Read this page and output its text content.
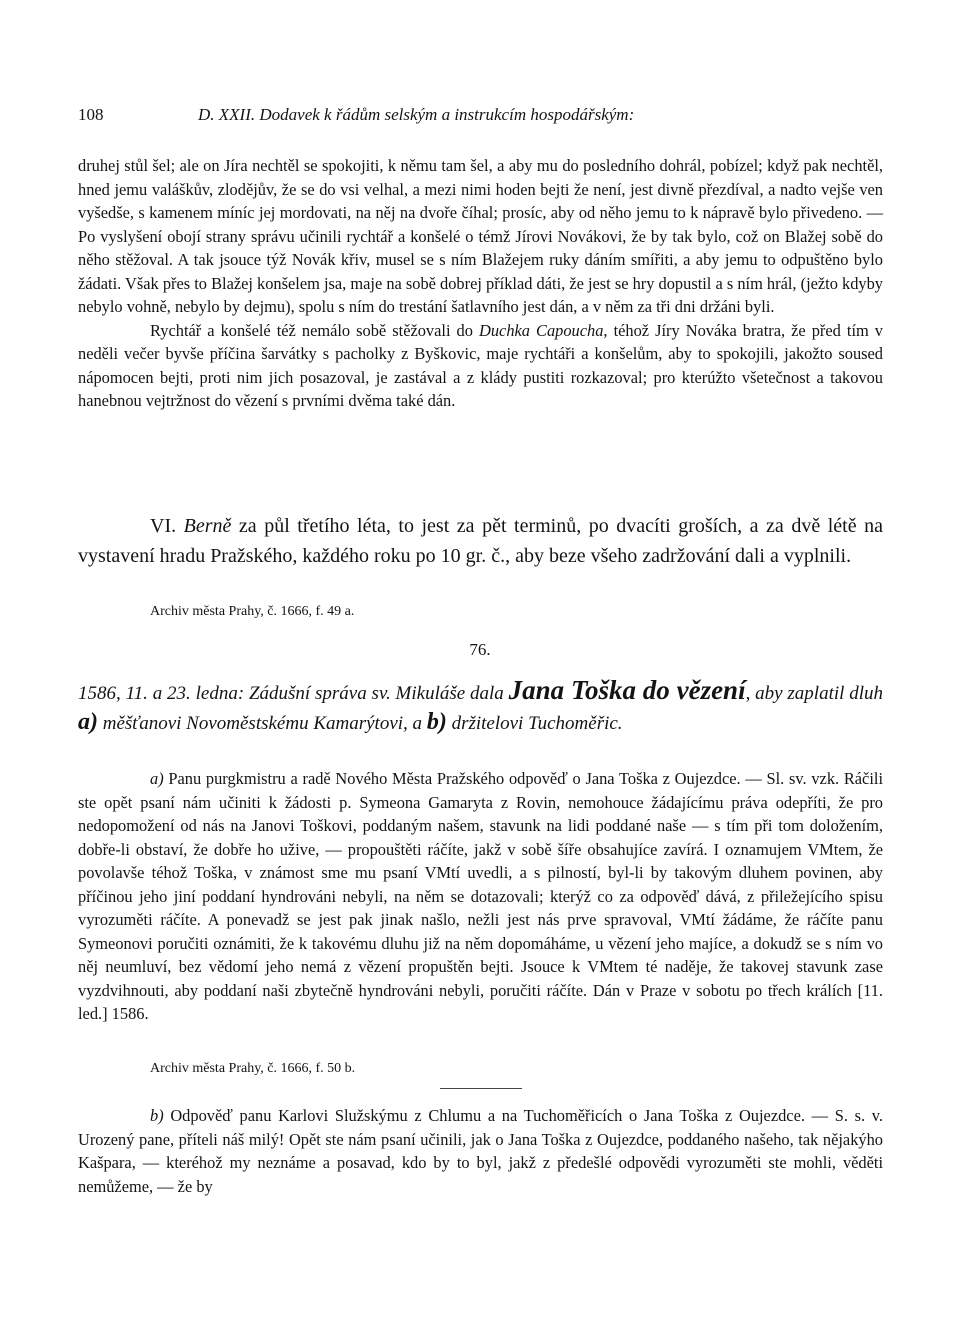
108	D. XXII. Dodavek k řádům selským a instrukcím hospodářským:

druhej stůl šel; ale on Jíra nechtěl se spokojiti, k němu tam šel, a aby mu do posledního dohrál, pobízel; když pak nechtěl, hned jemu valáškův, zlodějův, že se do vsi velhal, a mezi nimi hoden bejti že není, jest divně přezdíval, a nadto vejše ven vyšedše, s kamenem míníc jej mordovati, na něj na dvoře číhal; prosíc, aby od něho jemu to k nápravě bylo přivedeno. — Po vyslyšení obojí strany správu učinili rychtář a konšelé o témž Jírovi Novákovi, že by tak bylo, což on Blažej sobě do něho stěžoval. A tak jsouce týž Novák křiv, musel se s ním Blažejem ruky dáním smířiti, a aby jemu to odpuštěno bylo žádati. Však přes to Blažej konšelem jsa, maje na sobě dobrej příklad dáti, že jest se hry dopustil a s ním hrál, (ježto kdyby nebylo vohně, nebylo by dejmu), spolu s ním do trestání šatlavního jest dán, a v něm za tři dni držáni byli.

Rychtář a konšelé též nemálo sobě stěžovali do Duchka Capoucha, téhož Jíry Nováka bratra, že před tím v neděli večer byvše příčina šarvátky s pacholky z Byškovic, maje rychtáři a konšelům, aby to spokojili, jakožto soused nápomocen bejti, proti nim jich posazoval, je zastával a z klády pustiti rozkazoval; pro kterúžto všetečnost a takovou hanebnou vejtržnost do vězení s prvními dvěma také dán.

VI. Berně za půl třetího léta, to jest za pět terminů, po dvacíti groších, a za dvě létě na vystavení hradu Pražského, každého roku po 10 gr. č., aby beze všeho zadržování dali a vyplnili.

Archiv města Prahy, č. 1666, f. 49 a.
76.
1586, 11. a 23. ledna: Zádušní správa sv. Mikuláše dala Jana Toška do vězení, aby zaplatil dluh a) měšťanovi Novoměstskému Kamarýtovi, a b) držitelovi Tuchoměřic.

a) Panu purgkmistru a radě Nového Města Pražského odpověď o Jana Toška z Oujezdce. — Sl. sv. vzk. Ráčili ste opět psaní nám učiniti k žádosti p. Symeona Gamaryta z Rovin, nemohouce žádajícímu práva odepříti, že pro nedopomožení od nás na Janovi Toškovi, poddaným našem, stavunk na lidi poddané naše — s tím při tom doložením, dobře-li obstaví, že dobře ho užive, — propouštěti ráčíte, jakž v sobě šíře obsahujíce zavírá. I oznamujem VMtem, že povolavše téhož Toška, v známost sme mu psaní VMtí uvedli, a s pilností, byl-li by takovým dluhem povinen, aby příčinou jeho jiní poddaní hyndrováni nebyli, na něm se dotazovali; kterýž co za odpověď dává, z přiležejícího spisu vyrozuměti ráčíte. A ponevadž se jest pak jinak našlo, nežli jest nás prve spravoval, VMtí žádáme, že ráčíte panu Symeonovi poručiti oznámiti, že k takovému dluhu již na něm dopomáháme, u vězení jeho majíce, a dokudž se s ním vo něj neumluví, bez vědomí jeho nemá z vězení propuštěn bejti. Jsouce k VMtem té naděje, že takovej stavunk zase vyzdvihnouti, aby poddaní naši zbytečně hyndrováni nebyli, poručiti ráčíte. Dán v Praze v sobotu po třech králích [11. led.] 1586.

Archiv města Prahy, č. 1666, f. 50 b.

b) Odpověď panu Karlovi Služskýmu z Chlumu a na Tuchoměřicích o Jana Toška z Oujezdce. — S. s. v. Urozený pane, příteli náš milý! Opět ste nám psaní učinili, jak o Jana Toška z Oujezdce, poddaného našeho, tak nějakýho Kašpara, — kteréhož my neznáme a posavad, kdo by to byl, jakž z předešlé odpovědi vyrozuměti ste mohli, věděti nemůžeme, — že by
